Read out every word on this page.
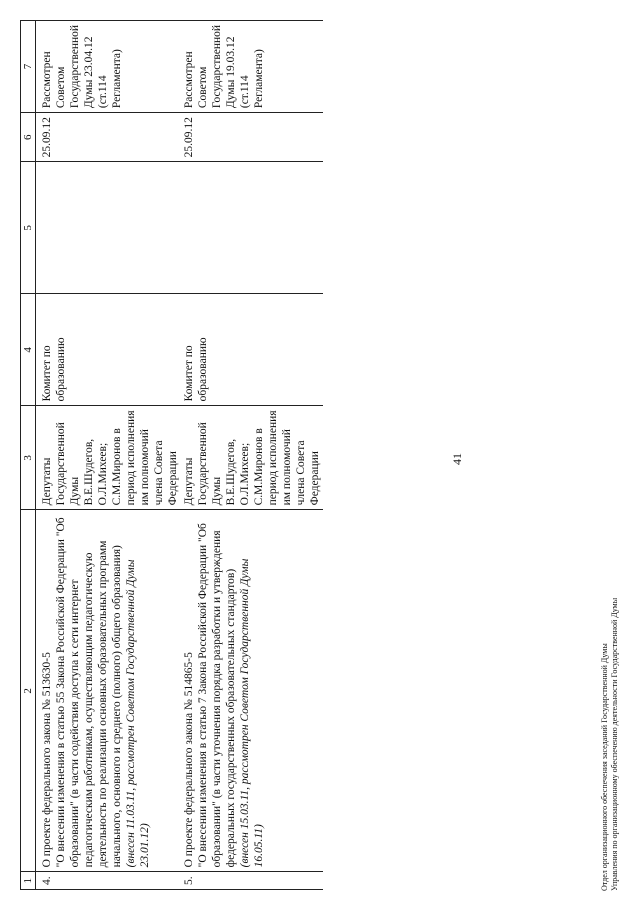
1	2	3	4	5	6	7
4.	О проекте федерального закона № 513630-5 "О внесении изменения в статью 55 Закона Российской Федерации "Об образовании" (в части содействия доступа к сети интернет педагогическим работникам, осуществляющим педагогическую деятельность по реализации основных образовательных программ начального, основного и среднего (полного) общего образования) (внесен 11.03.11, рассмотрен Советом Государственной Думы 23.01.12)	Депутаты Государственной Думы В.Е.Шудегов, О.Л.Михеев; С.М.Миронов в период исполнения им полномочий члена Совета Федерации	Комитет по образованию		25.09.12	Рассмотрен Советом Государственной Думы 23.04.12 (ст.114 Регламента)
5.	О проекте федерального закона № 514865-5 "О внесении изменения в статью 7 Закона Российской Федерации "Об образовании" (в части уточнения порядка разработки и утверждения федеральных государственных образовательных стандартов) (внесен 15.03.11, рассмотрен Советом Государственной Думы 16.05.11)	Депутаты Государственной Думы В.Е.Шудегов, О.Л.Михеев; С.М.Миронов в период исполнения им полномочий члена Совета Федерации	Комитет по образованию		25.09.12	Рассмотрен Советом Государственной Думы 19.03.12 (ст.114 Регламента)
41
Отдел организационного обеспечения заседаний Государственной Думы Управления по организационному обеспечению деятельности Государственной Думы
